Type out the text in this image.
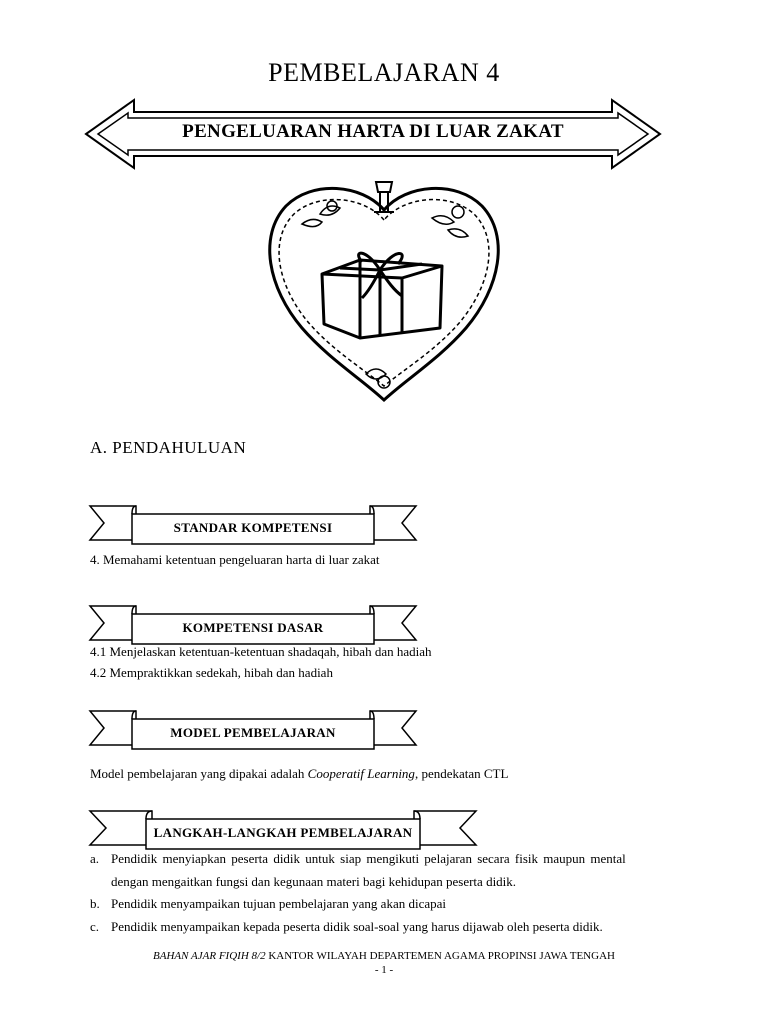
PEMBELAJARAN 4
PENGELUARAN HARTA DI LUAR ZAKAT
A. PENDAHULUAN
STANDAR KOMPETENSI
4. Memahami ketentuan pengeluaran harta di luar zakat
KOMPETENSI DASAR
4.1 Menjelaskan ketentuan-ketentuan shadaqah, hibah dan hadiah
4.2 Mempraktikkan sedekah, hibah dan hadiah
MODEL PEMBELAJARAN
Model pembelajaran yang dipakai adalah Cooperatif Learning, pendekatan CTL
LANGKAH-LANGKAH PEMBELAJARAN
a. Pendidik menyiapkan peserta didik untuk siap mengikuti pelajaran secara fisik maupun mental
dengan mengaitkan fungsi dan kegunaan materi bagi kehidupan peserta didik.
b. Pendidik menyampaikan tujuan pembelajaran yang akan dicapai
c. Pendidik menyampaikan kepada peserta didik soal-soal yang harus dijawab oleh peserta didik.
BAHAN AJAR FIQIH 8/2 KANTOR WILAYAH DEPARTEMEN AGAMA PROPINSI JAWA TENGAH
- 1 -
